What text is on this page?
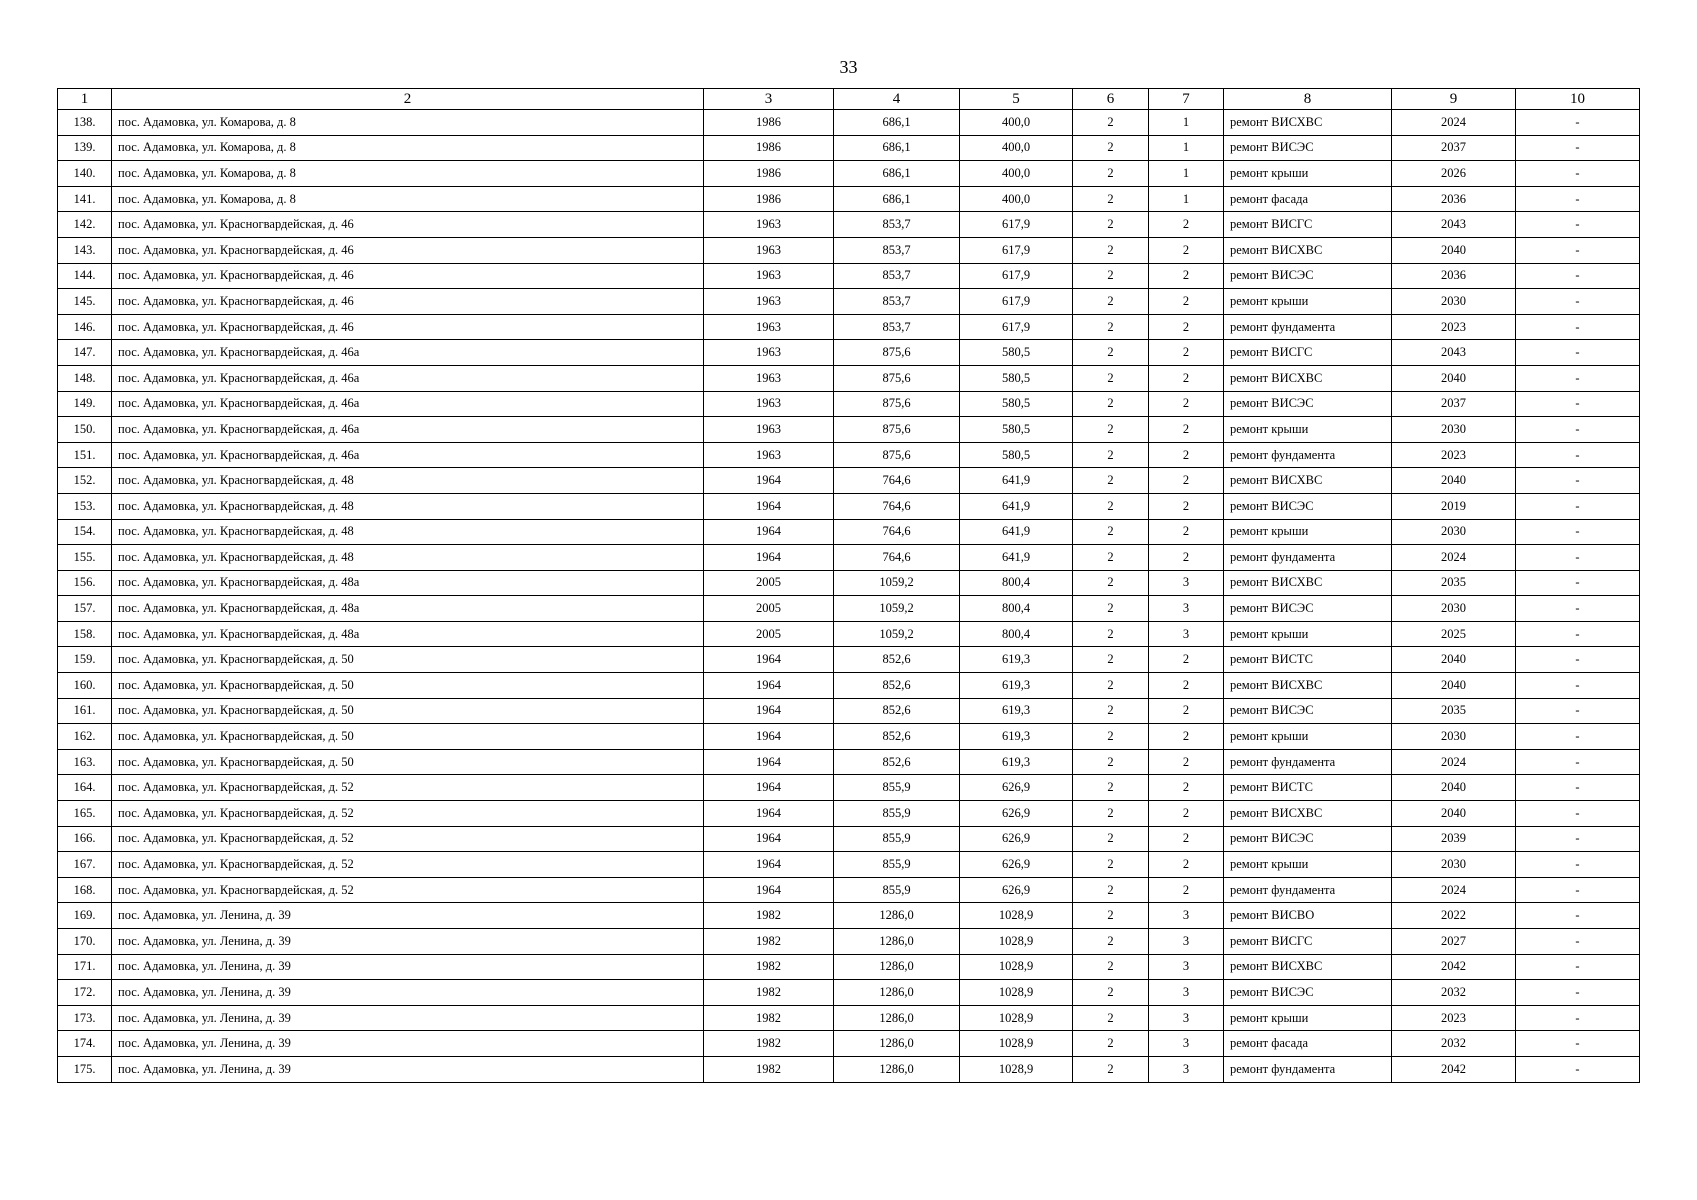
33
1	2	3	4	5	6	7	8	9	10
138.	пос. Адамовка, ул. Комарова, д. 8	1986	686,1	400,0	2	1	ремонт ВИСХВС	2024	-
139.	пос. Адамовка, ул. Комарова, д. 8	1986	686,1	400,0	2	1	ремонт ВИСЭС	2037	-
140.	пос. Адамовка, ул. Комарова, д. 8	1986	686,1	400,0	2	1	ремонт крыши	2026	-
141.	пос. Адамовка, ул. Комарова, д. 8	1986	686,1	400,0	2	1	ремонт фасада	2036	-
142.	пос. Адамовка, ул. Красногвардейская, д. 46	1963	853,7	617,9	2	2	ремонт ВИСГС	2043	-
143.	пос. Адамовка, ул. Красногвардейская, д. 46	1963	853,7	617,9	2	2	ремонт ВИСХВС	2040	-
144.	пос. Адамовка, ул. Красногвардейская, д. 46	1963	853,7	617,9	2	2	ремонт ВИСЭС	2036	-
145.	пос. Адамовка, ул. Красногвардейская, д. 46	1963	853,7	617,9	2	2	ремонт крыши	2030	-
146.	пос. Адамовка, ул. Красногвардейская, д. 46	1963	853,7	617,9	2	2	ремонт фундамента	2023	-
147.	пос. Адамовка, ул. Красногвардейская, д. 46а	1963	875,6	580,5	2	2	ремонт ВИСГС	2043	-
148.	пос. Адамовка, ул. Красногвардейская, д. 46а	1963	875,6	580,5	2	2	ремонт ВИСХВС	2040	-
149.	пос. Адамовка, ул. Красногвардейская, д. 46а	1963	875,6	580,5	2	2	ремонт ВИСЭС	2037	-
150.	пос. Адамовка, ул. Красногвардейская, д. 46а	1963	875,6	580,5	2	2	ремонт крыши	2030	-
151.	пос. Адамовка, ул. Красногвардейская, д. 46а	1963	875,6	580,5	2	2	ремонт фундамента	2023	-
152.	пос. Адамовка, ул. Красногвардейская, д. 48	1964	764,6	641,9	2	2	ремонт ВИСХВС	2040	-
153.	пос. Адамовка, ул. Красногвардейская, д. 48	1964	764,6	641,9	2	2	ремонт ВИСЭС	2019	-
154.	пос. Адамовка, ул. Красногвардейская, д. 48	1964	764,6	641,9	2	2	ремонт крыши	2030	-
155.	пос. Адамовка, ул. Красногвардейская, д. 48	1964	764,6	641,9	2	2	ремонт фундамента	2024	-
156.	пос. Адамовка, ул. Красногвардейская, д. 48а	2005	1059,2	800,4	2	3	ремонт ВИСХВС	2035	-
157.	пос. Адамовка, ул. Красногвардейская, д. 48а	2005	1059,2	800,4	2	3	ремонт ВИСЭС	2030	-
158.	пос. Адамовка, ул. Красногвардейская, д. 48а	2005	1059,2	800,4	2	3	ремонт крыши	2025	-
159.	пос. Адамовка, ул. Красногвардейская, д. 50	1964	852,6	619,3	2	2	ремонт ВИСТС	2040	-
160.	пос. Адамовка, ул. Красногвардейская, д. 50	1964	852,6	619,3	2	2	ремонт ВИСХВС	2040	-
161.	пос. Адамовка, ул. Красногвардейская, д. 50	1964	852,6	619,3	2	2	ремонт ВИСЭС	2035	-
162.	пос. Адамовка, ул. Красногвардейская, д. 50	1964	852,6	619,3	2	2	ремонт крыши	2030	-
163.	пос. Адамовка, ул. Красногвардейская, д. 50	1964	852,6	619,3	2	2	ремонт фундамента	2024	-
164.	пос. Адамовка, ул. Красногвардейская, д. 52	1964	855,9	626,9	2	2	ремонт ВИСТС	2040	-
165.	пос. Адамовка, ул. Красногвардейская, д. 52	1964	855,9	626,9	2	2	ремонт ВИСХВС	2040	-
166.	пос. Адамовка, ул. Красногвардейская, д. 52	1964	855,9	626,9	2	2	ремонт ВИСЭС	2039	-
167.	пос. Адамовка, ул. Красногвардейская, д. 52	1964	855,9	626,9	2	2	ремонт крыши	2030	-
168.	пос. Адамовка, ул. Красногвардейская, д. 52	1964	855,9	626,9	2	2	ремонт фундамента	2024	-
169.	пос. Адамовка, ул. Ленина, д. 39	1982	1286,0	1028,9	2	3	ремонт ВИСВО	2022	-
170.	пос. Адамовка, ул. Ленина, д. 39	1982	1286,0	1028,9	2	3	ремонт ВИСГС	2027	-
171.	пос. Адамовка, ул. Ленина, д. 39	1982	1286,0	1028,9	2	3	ремонт ВИСХВС	2042	-
172.	пос. Адамовка, ул. Ленина, д. 39	1982	1286,0	1028,9	2	3	ремонт ВИСЭС	2032	-
173.	пос. Адамовка, ул. Ленина, д. 39	1982	1286,0	1028,9	2	3	ремонт крыши	2023	-
174.	пос. Адамовка, ул. Ленина, д. 39	1982	1286,0	1028,9	2	3	ремонт фасада	2032	-
175.	пос. Адамовка, ул. Ленина, д. 39	1982	1286,0	1028,9	2	3	ремонт фундамента	2042	-
